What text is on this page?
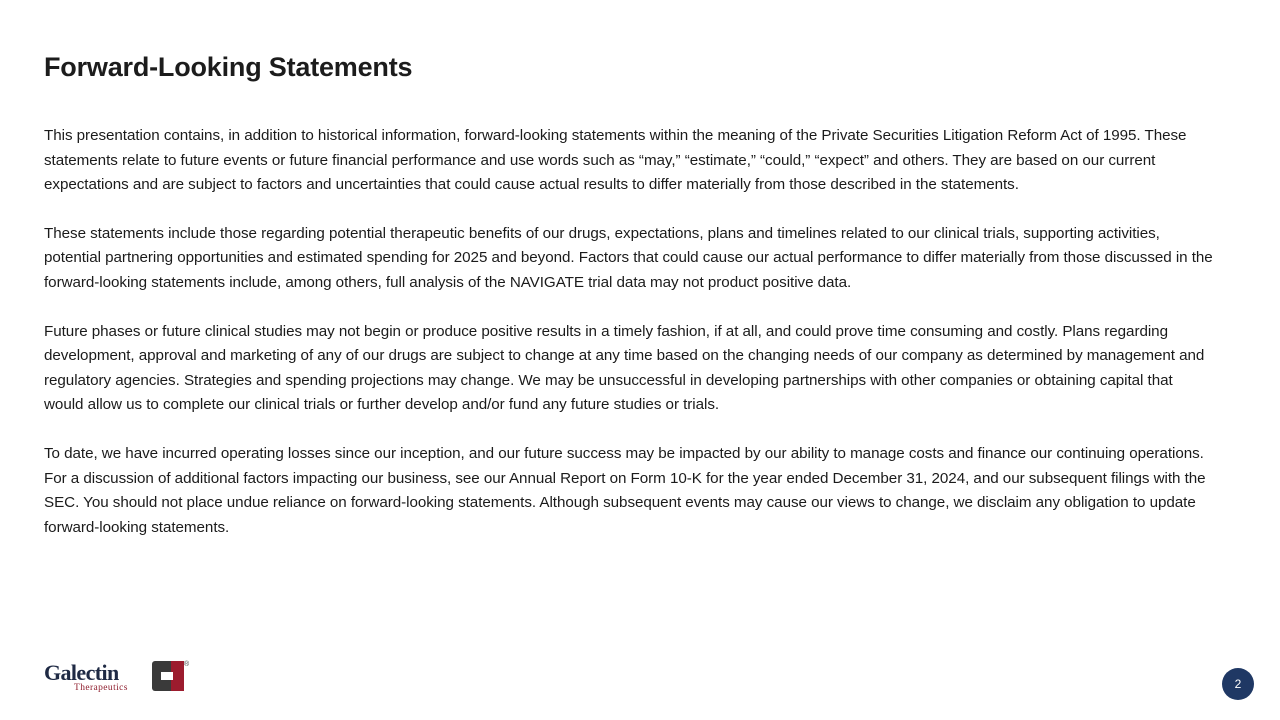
Forward-Looking Statements

This presentation contains, in addition to historical information, forward-looking statements within the meaning of the Private Securities Litigation Reform Act of 1995. These statements relate to future events or future financial performance and use words such as “may,” “estimate,” “could,” “expect” and others. They are based on our current expectations and are subject to factors and uncertainties that could cause actual results to differ materially from those described in the statements.

These statements include those regarding potential therapeutic benefits of our drugs, expectations, plans and timelines related to our clinical trials, supporting activities, potential partnering opportunities and estimated spending for 2025 and beyond. Factors that could cause our actual performance to differ materially from those discussed in the forward-looking statements include, among others, full analysis of the NAVIGATE trial data may not product positive data.

Future phases or future clinical studies may not begin or produce positive results in a timely fashion, if at all, and could prove time consuming and costly. Plans regarding development, approval and marketing of any of our drugs are subject to change at any time based on the changing needs of our company as determined by management and regulatory agencies. Strategies and spending projections may change. We may be unsuccessful in developing partnerships with other companies or obtaining capital that would allow us to complete our clinical trials or further develop and/or fund any future studies or trials.

To date, we have incurred operating losses since our inception, and our future success may be impacted by our ability to manage costs and finance our continuing operations. For a discussion of additional factors impacting our business, see our Annual Report on Form 10-K for the year ended December 31, 2024, and our subsequent filings with the SEC. You should not place undue reliance on forward-looking statements. Although subsequent events may cause our views to change, we disclaim any obligation to update forward-looking statements.

Galectin
Therapeutics
®
2
